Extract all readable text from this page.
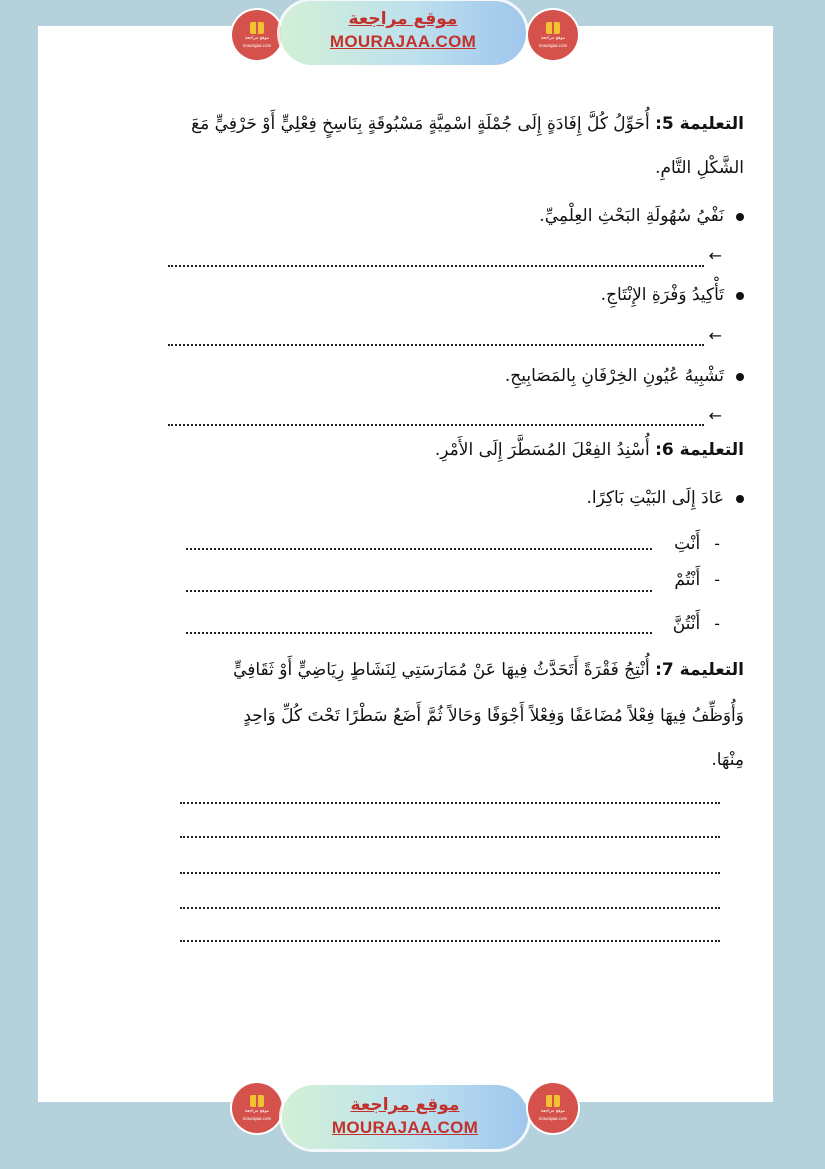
موقع مراجعة
mourajaa.com
موقع مراجعة
MOURAJAA.COM	موقع مراجعة
mourajaa.com
موقع مراجعة
mourajaa.com
موقع مراجعة
MOURAJAA.COM
موقع مراجعة
mourajaa.com
التعليمة 5: أُحَوِّلُ كُلَّ إِفَادَةٍ إِلَى جُمْلَةٍ اسْمِيَّةٍ مَسْبُوقَةٍ بِنَاسِخٍ فِعْلِيٍّ أَوْ حَرْفِيٍّ مَعَ
الشَّكْلِ التَّامِ.
نَفْيُ سُهُولَةِ البَحْثِ العِلْمِيِّ.
←
تَأْكِيدُ وَفْرَةِ الإِنْتَاجِ.
←
تَشْبِيهُ عُيُونِ الخِرْفَانِ بِالمَصَابِيحِ.
←
التعليمة 6: أُسْنِدُ الفِعْلَ المُسَطَّرَ إِلَى الأَمْرِ.
عَادَ إِلَى البَيْتِ بَاكِرًا.
-أَنْتِ
-أَنْتُمْ
-أَنْتُنَّ
التعليمة 7: أُنْتِجُ فَقْرَةً أَتَحَدَّثُ فِيهَا عَنْ مُمَارَسَتِي لِنَشَاطٍ رِيَاضِيٍّ أَوْ ثَقَافِيٍّ
وَأُوَظِّفُ فِيهَا فِعْلاً مُضَاعَفًا وَفِعْلاً أَجْوَفًا وَحَالاً ثُمَّ أَضَعُ سَطْرًا تَحْتَ كُلِّ وَاحِدٍ
مِنْهَا.
